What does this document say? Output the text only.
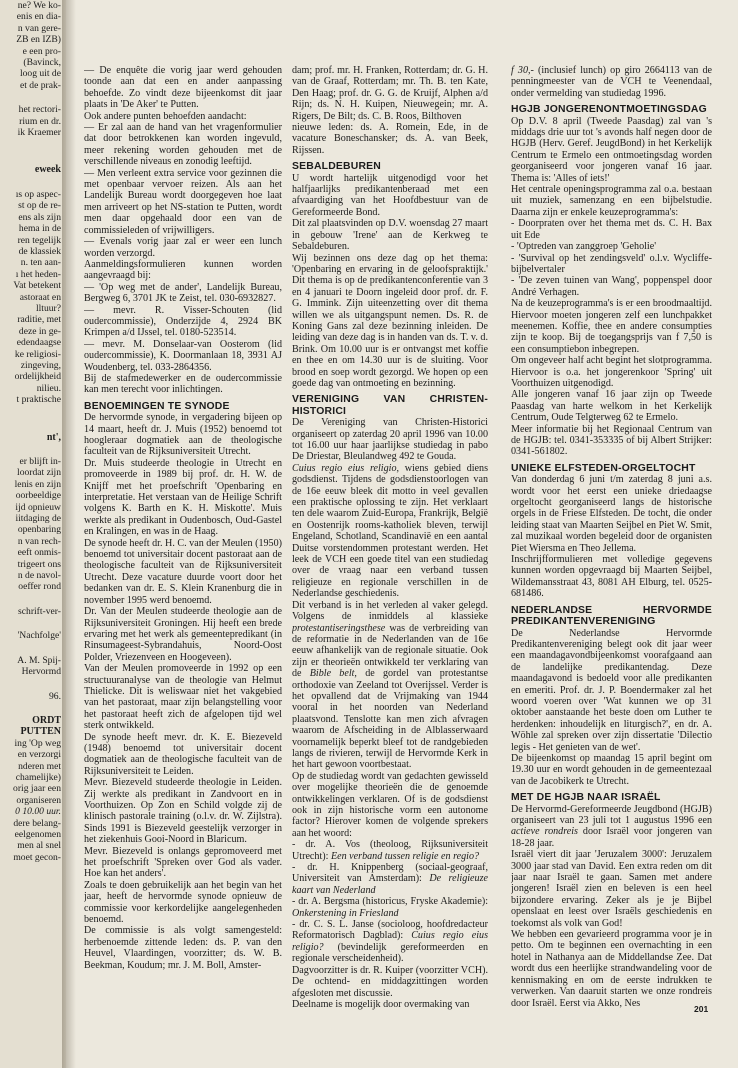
ne? We ko-
enis en dia-
n van gere-
ZB en IZB)
e een pro-
(Bavinck,
loog uit de
et de prak-
het rectori-
rium en dr.
ik Kraemer
eweek
ıs op aspec-
st op de re-
ens als zijn
hema in de
ren tegelijk
de klassiek
n. ten aan-
ı het heden-
Vat betekent
astoraat en
lltuur?
raditie, met
deze in ge-
edendaagse
ke religiosi-
zingeving,
ordelijkheid
nilieu.
t praktische
nt',
er blijft in-
loordat zijn
lenis en zijn
oorbeeldige
ijd opnieuw
iitdaging de
openbaring
n van rech-
eeft onmis-
trigeert ons
n de navol-
oeffer rond
schrift-ver-
'Nachfolge'
A. M. Spij-
Hervormd
96.
ORDT
PUTTEN
ing 'Op weg
en verzorgi
nderen met
chamelijke)
orig jaar een
organiseren
0 10.00 uur.
dere belang-
eelgenomen
men al snel
moet gecon-

— De enquête die vorig jaar werd gehouden toonde aan dat een en ander aanpassing behoefde. Zo vindt deze bijeenkomst dit jaar plaats in 'De Aker' te Putten.

Ook andere punten behoefden aandacht:

— Er zal aan de hand van het vragenformulier dat door betrokkenen kan worden ingevuld, meer rekening worden gehouden met de verschillende niveaus en zonodig leeftijd.

— Men verleent extra service voor gezinnen die met openbaar vervoer reizen. Als aan het Landelijk Bureau wordt doorgegeven hoe laat men arriveert op het NS-station te Putten, wordt men daar opgehaald door een van de commissieleden of vrijwilligers.

— Evenals vorig jaar zal er weer een lunch worden verzorgd.

Aanmeldingsformulieren kunnen worden aangevraagd bij:

— 'Op weg met de ander', Landelijk Bureau, Bergweg 6, 3701 JK te Zeist, tel. 030-6932827.

— mevr. R. Visser-Schouten (lid oudercommissie), Onderzijde 4, 2924 BK Krimpen a/d IJssel, tel. 0180-523514.

— mevr. M. Donselaar-van Oosterom (lid oudercommissie), K. Doormanlaan 18, 3931 AJ Woudenberg, tel. 033-2864356.

Bij de stafmedewerker en de oudercommissie kan men terecht voor inlichtingen.

BENOEMINGEN TE SYNODE

De hervormde synode, in vergadering bijeen op 14 maart, heeft dr. J. Muis (1952) benoemd tot hoogleraar dogmatiek aan de theologische faculteit van de Rijksuniversiteit Utrecht.

Dr. Muis studeerde theologie in Utrecht en promoveerde in 1989 bij prof. dr. H. W. de Knijff met het proefschrift 'Openbaring en interpretatie. Het verstaan van de Heilige Schrift volgens K. Barth en K. H. Miskotte'. Muis werkte als predikant in Oudenbosch, Oud-Gastel en Kralingen, en was in de Haag.

De synode heeft dr. H. C. van der Meulen (1950) benoemd tot universitair docent pastoraat aan de theologische faculteit van de Rijksuniversiteit Utrecht. Deze vacature duurde voort door het bedanken van dr. E. S. Klein Kranenburg die in november 1995 werd benoemd.

Dr. Van der Meulen studeerde theologie aan de Rijksuniversiteit Groningen. Hij heeft een brede ervaring met het werk als gemeentepredikant (in Rinsumageest-Sybrandahuis, Noord-Oost Polder, Vriezenveen en Hoogeveen).

Van der Meulen promoveerde in 1992 op een structuuranalyse van de theologie van Helmut Thielicke. Dit is weliswaar niet het vakgebied van het pastoraat, maar zijn belangstelling voor het pastoraat heeft zich de afgelopen tijd wel sterk ontwikkeld.

De synode heeft mevr. dr. K. E. Biezeveld (1948) benoemd tot universitair docent dogmatiek aan de theologische faculteit van de Rijksuniversiteit te Leiden.

Mevr. Biezeveld studeerde theologie in Leiden. Zij werkte als predikant in Zandvoort en in Voorthuizen. Op Zon en Schild volgde zij de klinisch pastorale training (o.l.v. dr. W. Zijlstra). Sinds 1991 is Biezeveld geestelijk verzorger in het ziekenhuis Gooi-Noord in Blaricum.

Mevr. Biezeveld is onlangs gepromoveerd met het proefschrift 'Spreken over God als vader. Hoe kan het anders'.

Zoals te doen gebruikelijk aan het begin van het jaar, heeft de hervormde synode opnieuw de commissie voor kerkordelijke aangelegenheden benoemd.

De commissie is als volgt samengesteld: herbenoemde zittende leden: ds. P. van den Heuvel, Vlaardingen, voorzitter; ds. W. B. Beekman, Koudum; mr. J. M. Boll, Amster-

dam; prof. mr. H. Franken, Rotterdam; dr. G. H. van de Graaf, Rotterdam; mr. Th. B. ten Kate, Den Haag; prof. dr. G. G. de Kruijf, Alphen a/d Rijn; ds. N. H. Kuipen, Nieuwegein; mr. A. Rigers, De Bilt; ds. C. B. Roos, Bilthoven

nieuwe leden: ds. A. Romein, Ede, in de vacature Boneschansker; ds. A. van Beek, Rijssen.

SEBALDEBUREN

U wordt hartelijk uitgenodigd voor het halfjaarlijks predikantenberaad met een afvaardiging van het Hoofdbestuur van de Gereformeerde Bond.

Dit zal plaatsvinden op D.V. woensdag 27 maart in gebouw 'Irene' aan de Kerkweg te Sebaldeburen.

Wij bezinnen ons deze dag op het thema: 'Openbaring en ervaring in de geloofspraktijk.' Dit thema is op de predikantenconferentie van 3 en 4 januari te Doorn ingeleid door prof. dr. F. G. Immink. Zijn uiteenzetting over dit thema willen we als uitgangspunt nemen. Ds. R. de Koning Gans zal deze bezinning inleiden. De leiding van deze dag is in handen van ds. T. v. d. Brink. Om 10.00 uur is er ontvangst met koffie en thee en om 14.30 uur is de sluiting. Voor brood en soep wordt gezorgd. We hopen op een goede dag van ontmoeting en bezinning.

VERENIGING VAN CHRISTEN-HISTORICI

De Vereniging van Christen-Historici organiseert op zaterdag 20 april 1996 van 10.00 tot 16.00 uur haar jaarlijkse studiedag in pabo De Driestar, Bleulandweg 492 te Gouda.

Cuius regio eius religio, wiens gebied diens godsdienst. Tijdens de godsdienstoorlogen van de 16e eeuw bleek dit motto in veel gevallen een praktische oplossing te zijn. Het verklaart ten dele waarom Zuid-Europa, Frankrijk, België en Oostenrijk rooms-katholiek bleven, terwijl Engeland, Schotland, Scandinavië en een aantal Duitse vorstendommen protestant werden. Het leek de VCH een goede titel van een studiedag over de vraag naar een verband tussen religieuze en regionale verschillen in de Nederlandse geschiedenis.

Dit verband is in het verleden al vaker gelegd. Volgens de inmiddels al klassieke protestantiseringsthese was de verbreiding van de reformatie in de Nederlanden van de 16e eeuw afhankelijk van de regionale situatie. Ook zijn er theorieën ontwikkeld ter verklaring van de Bible belt, de gordel van protestantse orthodoxie van Zeeland tot Overijssel. Verder is het opvallend dat de Vrijmaking van 1944 vooral in het noorden van Nederland plaatsvond. Tenslotte kan men zich afvragen waarom de Afscheiding in de Alblasserwaard voornamelijk beperkt bleef tot de randgebieden langs de rivieren, terwijl de Hervormde Kerk in het hart gewoon voortbestaat.

Op de studiedag wordt van gedachten gewisseld over mogelijke theorieën die de genoemde ontwikkelingen verklaren. Of is de godsdienst ook in zijn historische vorm een autonome factor? Hierover komen de volgende sprekers aan het woord:

- dr. A. Vos (theoloog, Rijksuniversiteit Utrecht): Een verband tussen religie en regio?

- dr. H. Knippenberg (sociaal-geograaf, Universiteit van Amsterdam): De religieuze kaart van Nederland

- dr. A. Bergsma (historicus, Fryske Akademie): Onkerstening in Friesland

- dr. C. S. L. Janse (socioloog, hoofdredacteur Reformatorisch Dagblad): Cuius regio eius religio? (bevindelijk gereformeerden en regionale verscheidenheid).

Dagvoorzitter is dr. R. Kuiper (voorzitter VCH). De ochtend- en middagzittingen worden afgesloten met discussie.

Deelname is mogelijk door overmaking van

f 30,- (inclusief lunch) op giro 2664113 van de penningmeester van de VCH te Veenendaal, onder vermelding van studiedag 1996.

HGJB JONGERENONTMOETINGSDAG

Op D.V. 8 april (Tweede Paasdag) zal van 's middags drie uur tot 's avonds half negen door de HGJB (Herv. Geref. JeugdBond) in het Kerkelijk Centrum te Ermelo een ontmoetingsdag worden georganiseerd voor jongeren vanaf 16 jaar. Thema is: 'Alles of iets!'

Het centrale openingsprogramma zal o.a. bestaan uit muziek, samenzang en een bijbelstudie. Daarna zijn er enkele keuzeprogramma's:

- Doorpraten over het thema met ds. C. H. Bax uit Ede

- 'Optreden van zanggroep 'Geholie'

- 'Survival op het zendingsveld' o.l.v. Wycliffe-bijbelvertaler

- 'De zeven tuinen van Wang', poppenspel door André Verhagen.

Na de keuzeprogramma's is er een broodmaaltijd. Hiervoor moeten jongeren zelf een lunchpakket meenemen. Koffie, thee en andere consumpties zijn te koop. Bij de toegangsprijs van f 7,50 is een consumptiebon inbegrepen.

Om ongeveer half acht begint het slotprogramma. Hiervoor is o.a. het jongerenkoor 'Spring' uit Voorthuizen uitgenodigd.

Alle jongeren vanaf 16 jaar zijn op Tweede Paasdag van harte welkom in het Kerkelijk Centrum, Oude Telgterweg 62 te Ermelo.

Meer informatie bij het Regionaal Centrum van de HGJB: tel. 0341-353335 of bij Albert Strijker: 0341-561802.

UNIEKE ELFSTEDEN-ORGELTOCHT

Van donderdag 6 juni t/m zaterdag 8 juni a.s. wordt voor het eerst een unieke driedaagse orgeltocht georganiseerd langs de historische orgels in de Friese Elfsteden. De tocht, die onder leiding staat van Maarten Seijbel en Piet W. Smit, zal muzikaal worden begeleid door de organisten Piet Wiersma en Theo Jellema.

Inschrijfformulieren met volledige gegevens kunnen worden opgevraagd bij Maarten Seijbel, Wildemansstraat 43, 8081 AH Elburg, tel. 0525-681486.

NEDERLANDSE HERVORMDE PREDIKANTENVERENIGING

De Nederlandse Hervormde Predikantenvereniging belegt ook dit jaar weer een maandagavondbijeenkomst voorafgaand aan de landelijke predikantendag. Deze maandagavond is bedoeld voor alle predikanten en emeriti. Prof. dr. J. P. Boendermaker zal het woord voeren over 'Wat kunnen we op 31 oktober aanstaande het beste doen om Luther te herdenken: inhoudelijk en liturgisch?', en dr. A. Wöhle zal spreken over zijn dissertatie 'Dilectio legis - Het genieten van de wet'.

De bijeenkomst op maandag 15 april begint om 19.30 uur en wordt gehouden in de gemeentezaal van de Jacobikerk te Utrecht.

MET DE HGJB NAAR ISRAËL

De Hervormd-Gereformeerde Jeugdbond (HGJB) organiseert van 23 juli tot 1 augustus 1996 een actieve rondreis door Israël voor jongeren van 18-28 jaar.

Israël viert dit jaar 'Jeruzalem 3000': Jeruzalem 3000 jaar stad van David. Een extra reden om dit jaar naar Israël te gaan. Samen met andere jongeren! Israël zien en beleven is een heel bijzondere ervaring. Zeker als je je Bijbel openslaat en leest over Israëls geschiedenis en toekomst als volk van God!

We hebben een gevarieerd programma voor je in petto. Om te beginnen een overnachting in een hotel in Nathanya aan de Middellandse Zee. Dat wordt dus een heerlijke strandwandeling voor de kennismaking en om de eerste indrukken te verwerken. Van daaruit starten we onze rondreis door Israël. Eerst via Akko, Nes

201
